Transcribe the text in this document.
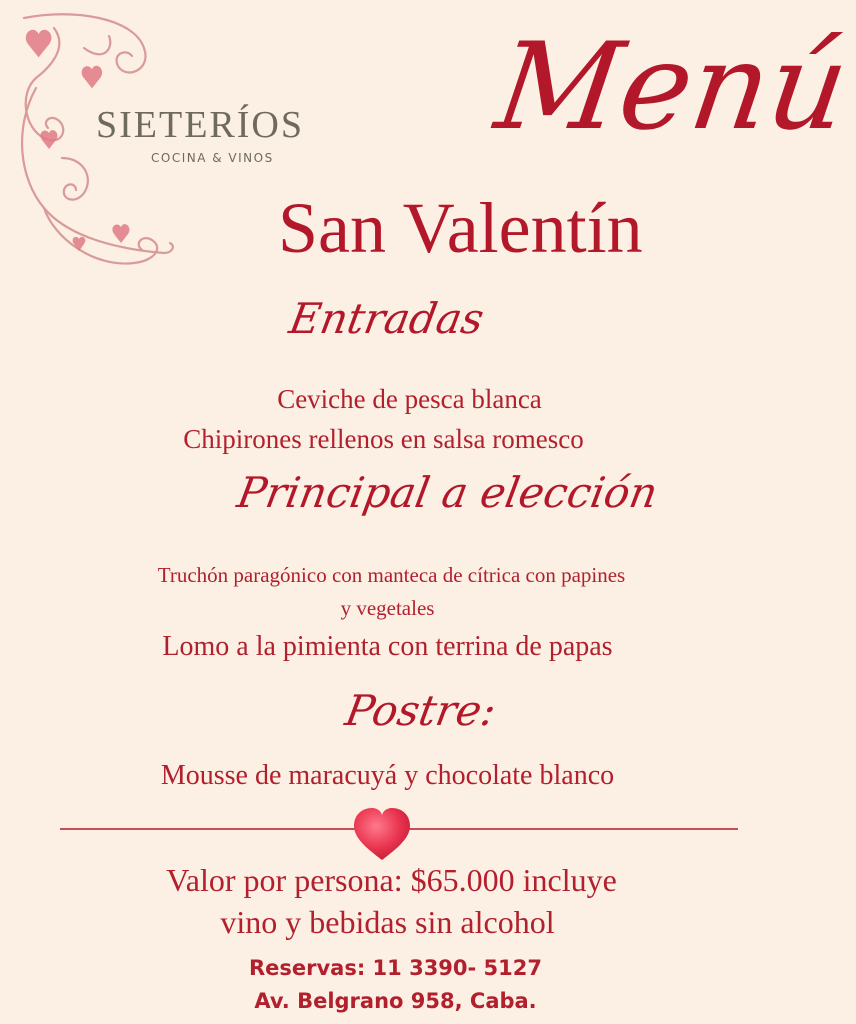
SIETERÍOS
COCINA & VINOS
Menú
San Valentín
Entradas
Ceviche de pesca blanca
Chipirones rellenos en salsa romesco
Principal a elección
Truchón paragónico con manteca de cítrica con papines
y vegetales
Lomo a la pimienta con terrina de papas
Postre:
Mousse de maracuyá y chocolate blanco
Valor por persona: $65.000 incluye
vino y bebidas sin alcohol
Reservas: 11 3390- 5127
Av. Belgrano 958, Caba.
